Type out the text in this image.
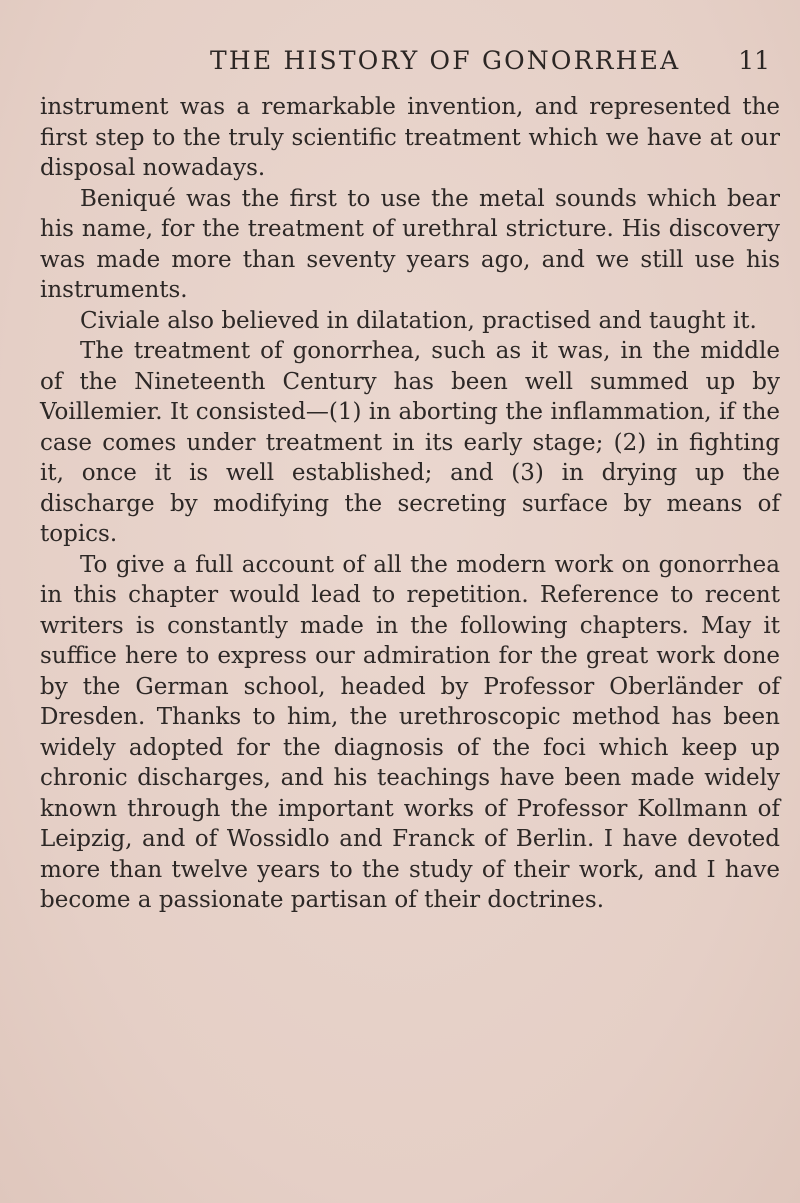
THE HISTORY OF GONORRHEA 11

instrument was a remarkable invention, and represented the first step to the truly scientific treatment which we have at our disposal nowadays.

Beniqué was the first to use the metal sounds which bear his name, for the treatment of urethral stricture. His discovery was made more than seventy years ago, and we still use his instruments.

Civiale also believed in dilatation, practised and taught it.

The treatment of gonorrhea, such as it was, in the middle of the Nineteenth Century has been well summed up by Voillemier. It consisted—(1) in aborting the inflammation, if the case comes under treatment in its early stage; (2) in fighting it, once it is well established; and (3) in drying up the discharge by modifying the secreting surface by means of topics.

To give a full account of all the modern work on gonorrhea in this chapter would lead to repetition. Reference to recent writers is constantly made in the following chapters. May it suffice here to express our admiration for the great work done by the German school, headed by Professor Oberländer of Dresden. Thanks to him, the urethroscopic method has been widely adopted for the diagnosis of the foci which keep up chronic discharges, and his teachings have been made widely known through the important works of Professor Kollmann of Leipzig, and of Wossidlo and Franck of Berlin. I have devoted more than twelve years to the study of their work, and I have become a passionate partisan of their doctrines.
